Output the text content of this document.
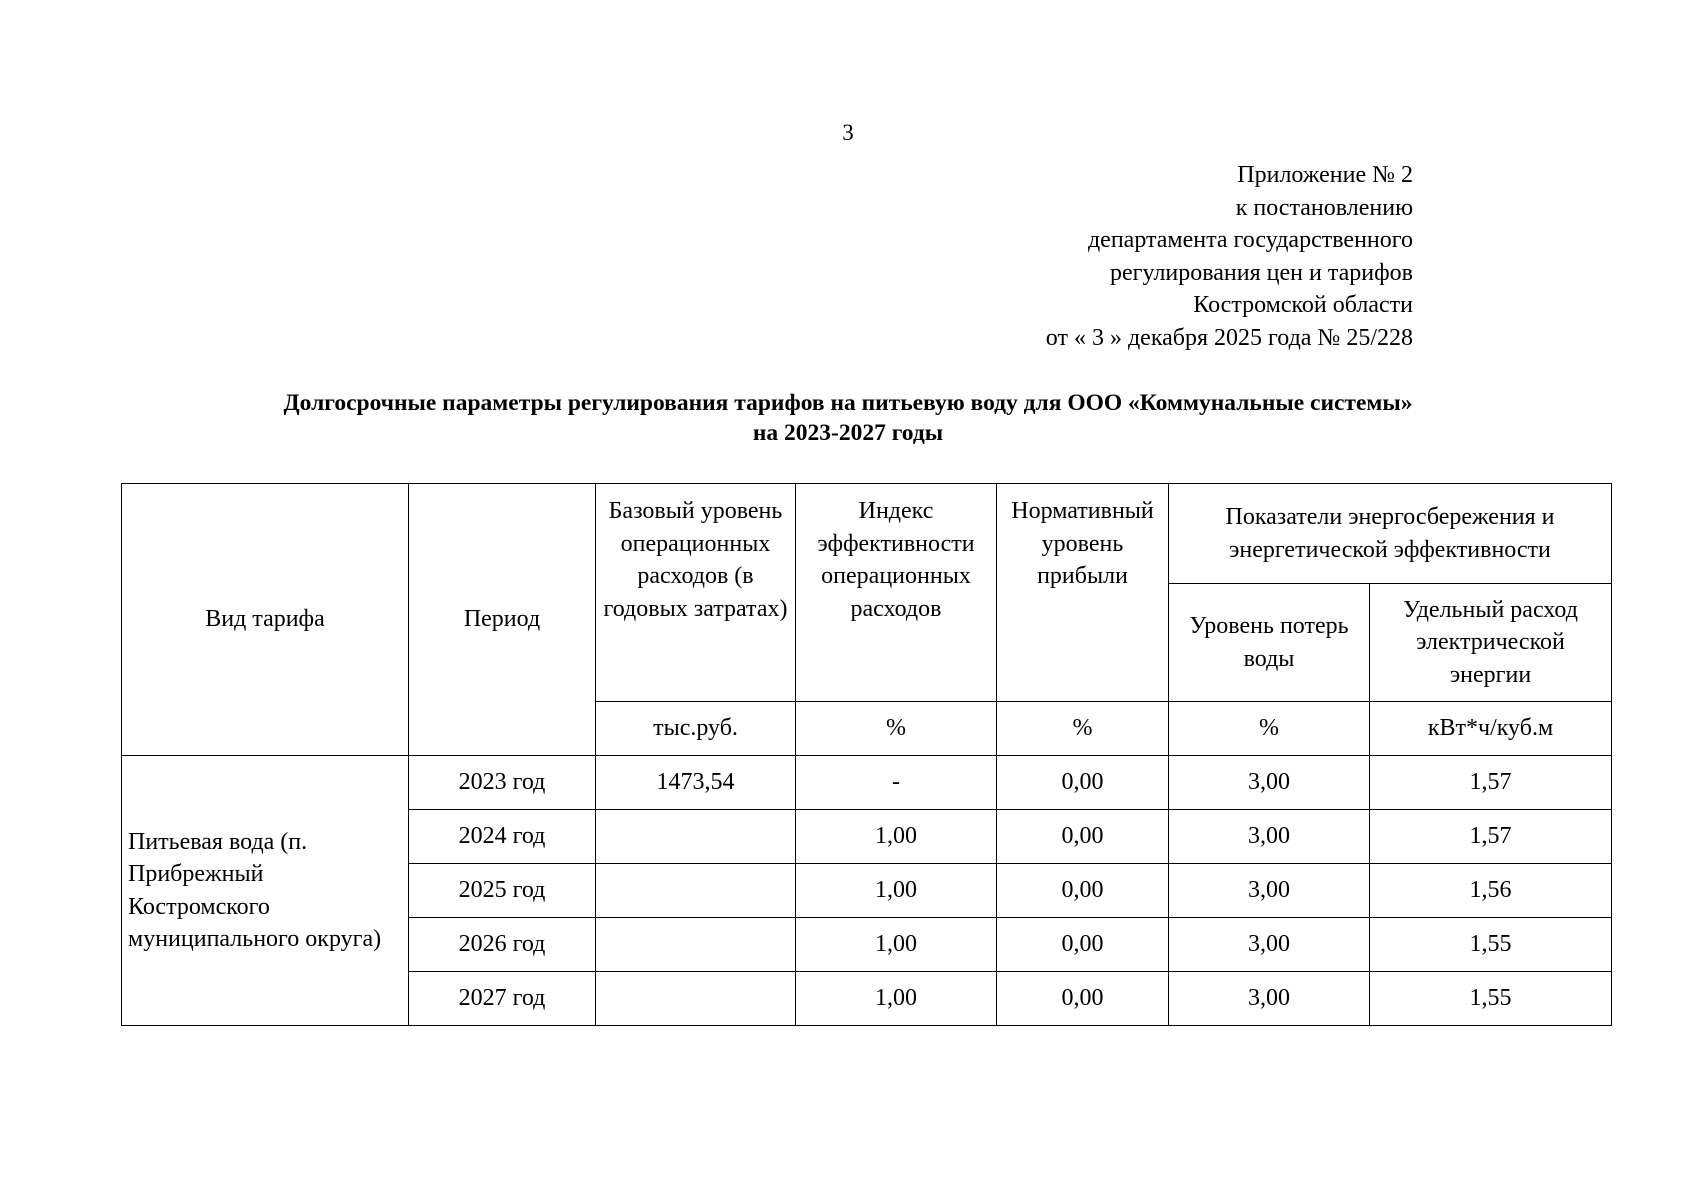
3
Приложение № 2
к постановлению
департамента государственного
регулирования цен и тарифов
Костромской области
от « 3 » декабря 2025 года № 25/228
Долгосрочные параметры регулирования тарифов на питьевую воду для ООО «Коммунальные системы»
на 2023-2027 годы
Вид тарифа	Период	Базовый уровень операционных расходов (в годовых затратах)	Индекс эффективности операционных расходов	Нормативный уровень прибыли	Показатели энергосбережения и энергетической эффективности	
					Уровень потерь воды	Удельный расход электрической энергии
		тыс.руб.	%	%	%	кВт*ч/куб.м
Питьевая вода (п. Прибрежный Костромского муниципального округа)	2023 год	1473,54	-	0,00	3,00	1,57
	2024 год		1,00	0,00	3,00	1,57
	2025 год		1,00	0,00	3,00	1,56
	2026 год		1,00	0,00	3,00	1,55
	2027 год		1,00	0,00	3,00	1,55
